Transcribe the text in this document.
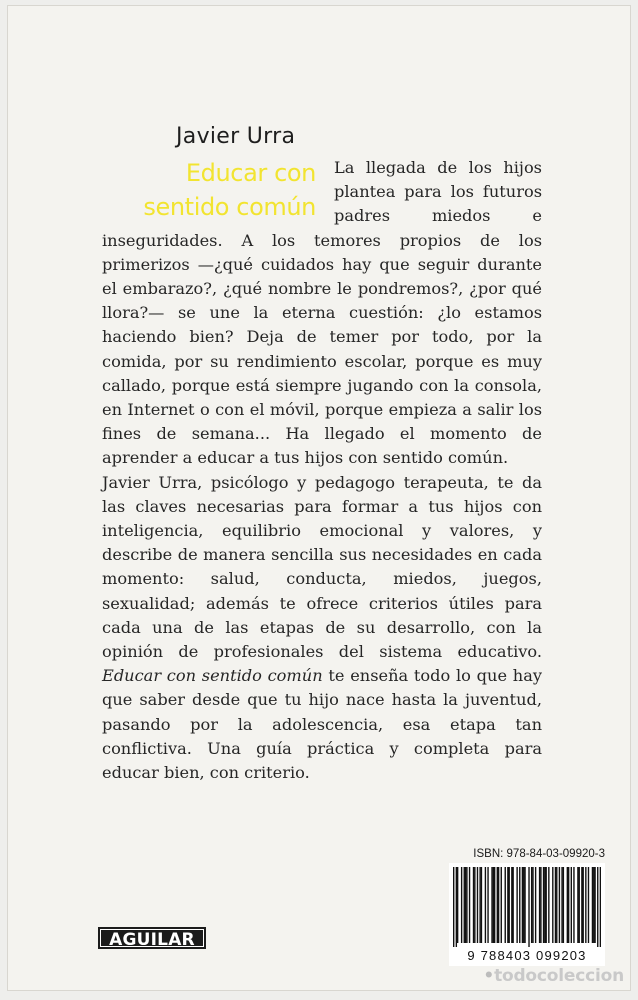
Javier Urra
Educar con
sentido común

La llegada de los hijos plantea para los futuros padres miedos e inseguridades. A los temores propios de los primerizos —¿qué cuidados hay que seguir durante el embarazo?, ¿qué nombre le pondremos?, ¿por qué llora?— se une la eterna cuestión: ¿lo estamos haciendo bien? Deja de temer por todo, por la comida, por su rendimiento escolar, porque es muy callado, porque está siempre jugando con la consola, en Internet o con el móvil, porque empieza a salir los fines de semana... Ha llegado el momento de aprender a educar a tus hijos con sentido común.

Javier Urra, psicólogo y pedagogo terapeuta, te da las claves necesarias para formar a tus hijos con inteligencia, equilibrio emocional y valores, y describe de manera sencilla sus necesidades en cada momento: salud, conducta, miedos, juegos, sexualidad; además te ofrece criterios útiles para cada una de las etapas de su desarrollo, con la opinión de profesionales del sistema educativo. Educar con sentido común te enseña todo lo que hay que saber desde que tu hijo nace hasta la juventud, pasando por la adolescencia, esa etapa tan conflictiva. Una guía práctica y completa para educar bien, con criterio.

ISBN: 978-84-03-09920-3
9 788403 099203
AGUILAR
•todocoleccion
